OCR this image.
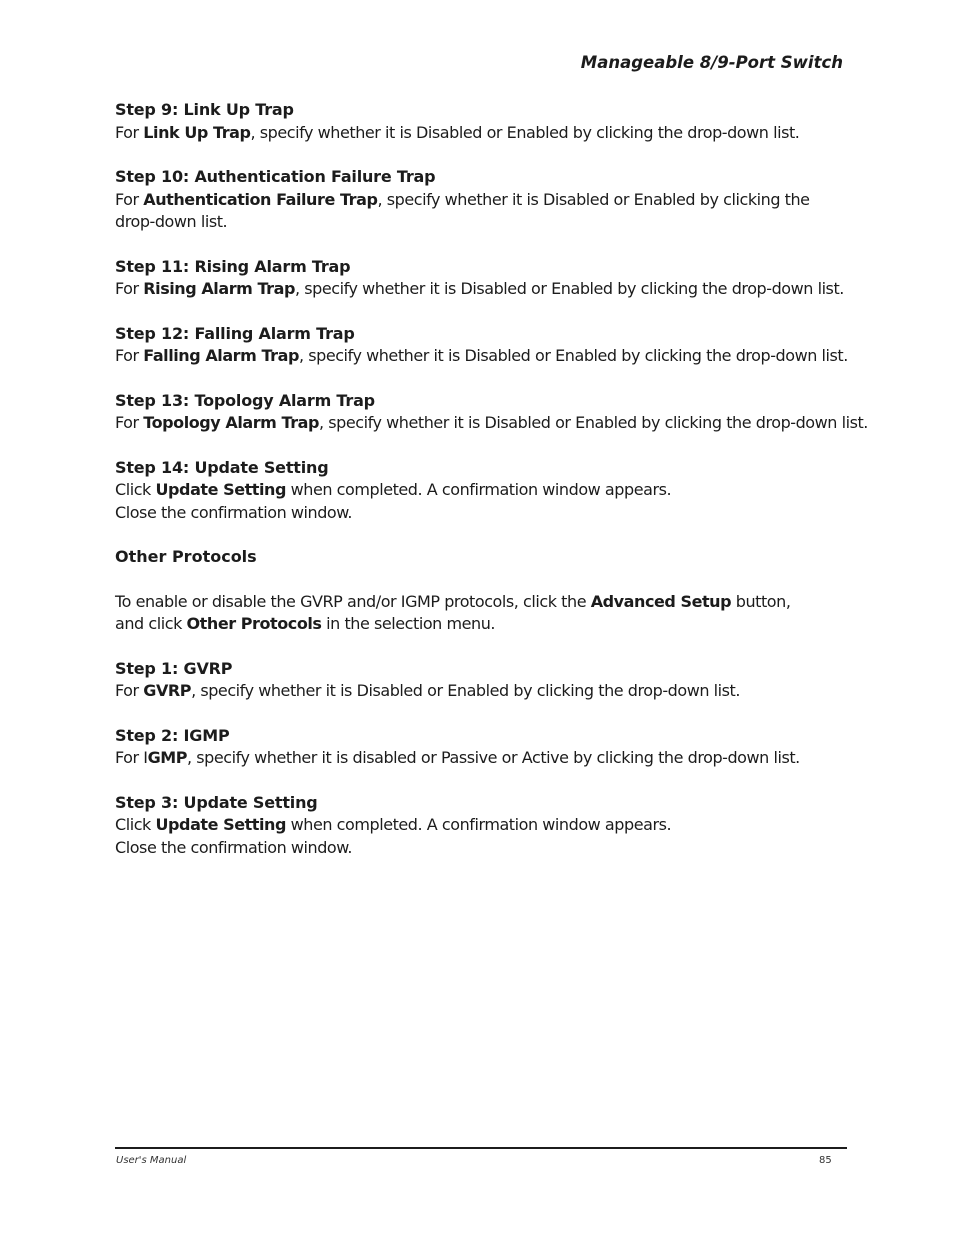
Manageable 8/9-Port Switch
Step 9: Link Up Trap
For Link Up Trap, specify whether it is Disabled or Enabled by clicking the drop-down list.
Step 10: Authentication Failure Trap
For Authentication Failure Trap, specify whether it is Disabled or Enabled by clicking the
drop-down list.
Step 11: Rising Alarm Trap
For Rising Alarm Trap, specify whether it is Disabled or Enabled by clicking the drop-down list.
Step 12: Falling Alarm Trap
For Falling Alarm Trap, specify whether it is Disabled or Enabled by clicking the drop-down list.
Step 13: Topology Alarm Trap
For Topology Alarm Trap, specify whether it is Disabled or Enabled by clicking the drop-down list.
Step 14: Update Setting
Click Update Setting when completed. A confirmation window appears.
Close the confirmation window.
Other Protocols
To enable or disable the GVRP and/or IGMP protocols, click the Advanced Setup button,
and click Other Protocols in the selection menu.
Step 1: GVRP
For GVRP, specify whether it is Disabled or Enabled by clicking the drop-down list.
Step 2: IGMP
For IGMP, specify whether it is disabled or Passive or Active by clicking the drop-down list.
Step 3: Update Setting
Click Update Setting when completed. A confirmation window appears.
Close the confirmation window.
User's Manual	85
